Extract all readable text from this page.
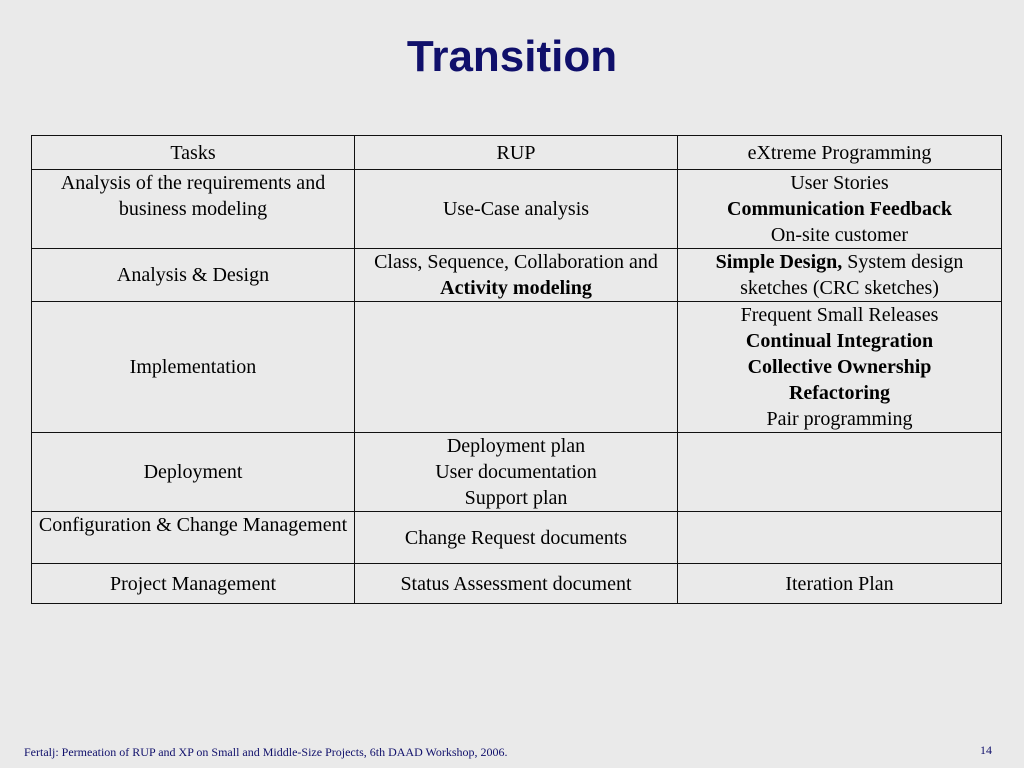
Transition
Tasks	RUP	eXtreme Programming
Analysis of the requirements and business modeling	Use-Case analysis	User Stories
Communication Feedback
On-site customer

Analysis & Design	Class, Sequence, Collaboration and Activity modeling	Simple Design, System design sketches (CRC sketches)
Implementation		Frequent Small Releases
Continual Integration
Collective Ownership
Refactoring
Pair programming

Deployment	Deployment plan
User documentation
Support plan	

Configuration & Change Management	Change Request documents	
Project Management	Status Assessment document	Iteration Plan
Fertalj: Permeation of RUP and XP on Small and Middle-Size Projects, 6th DAAD Workshop, 2006.	14
